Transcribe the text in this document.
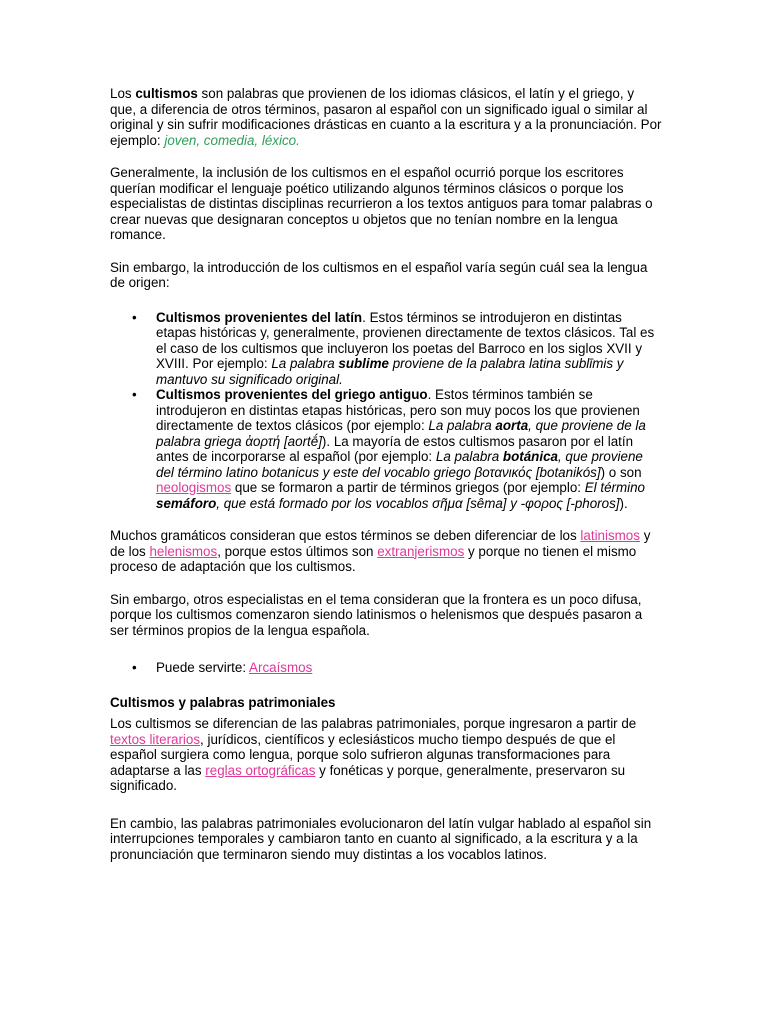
Los cultismos son palabras que provienen de los idiomas clásicos, el latín y el griego, y que, a diferencia de otros términos, pasaron al español con un significado igual o similar al original y sin sufrir modificaciones drásticas en cuanto a la escritura y a la pronunciación. Por ejemplo: joven, comedia, léxico.

Generalmente, la inclusión de los cultismos en el español ocurrió porque los escritores querían modificar el lenguaje poético utilizando algunos términos clásicos o porque los especialistas de distintas disciplinas recurrieron a los textos antiguos para tomar palabras o crear nuevas que designaran conceptos u objetos que no tenían nombre en la lengua romance.

Sin embargo, la introducción de los cultismos en el español varía según cuál sea la lengua de origen:

• Cultismos provenientes del latín. Estos términos se introdujeron en distintas etapas históricas y, generalmente, provienen directamente de textos clásicos. Tal es el caso de los cultismos que incluyeron los poetas del Barroco en los siglos XVII y XVIII. Por ejemplo: La palabra sublime proviene de la palabra latina sublīmis y mantuvo su significado original.
• Cultismos provenientes del griego antiguo. Estos términos también se introdujeron en distintas etapas históricas, pero son muy pocos los que provienen directamente de textos clásicos (por ejemplo: La palabra aorta, que proviene de la palabra griega ἀορτή [aortḗ]). La mayoría de estos cultismos pasaron por el latín antes de incorporarse al español (por ejemplo: La palabra botánica, que proviene del término latino botanicus y este del vocablo griego βοτανικός [botanikós]) o son neologismos que se formaron a partir de términos griegos (por ejemplo: El término semáforo, que está formado por los vocablos σῆμα [sêma] y -φορος [-phoros]).

Muchos gramáticos consideran que estos términos se deben diferenciar de los latinismos y de los helenismos, porque estos últimos son extranjerismos y porque no tienen el mismo proceso de adaptación que los cultismos.

Sin embargo, otros especialistas en el tema consideran que la frontera es un poco difusa, porque los cultismos comenzaron siendo latinismos o helenismos que después pasaron a ser términos propios de la lengua española.

• Puede servirte: Arcaísmos

Cultismos y palabras patrimoniales

Los cultismos se diferencian de las palabras patrimoniales, porque ingresaron a partir de textos literarios, jurídicos, científicos y eclesiásticos mucho tiempo después de que el español surgiera como lengua, porque solo sufrieron algunas transformaciones para adaptarse a las reglas ortográficas y fonéticas y porque, generalmente, preservaron su significado.

En cambio, las palabras patrimoniales evolucionaron del latín vulgar hablado al español sin interrupciones temporales y cambiaron tanto en cuanto al significado, a la escritura y a la pronunciación que terminaron siendo muy distintas a los vocablos latinos.
